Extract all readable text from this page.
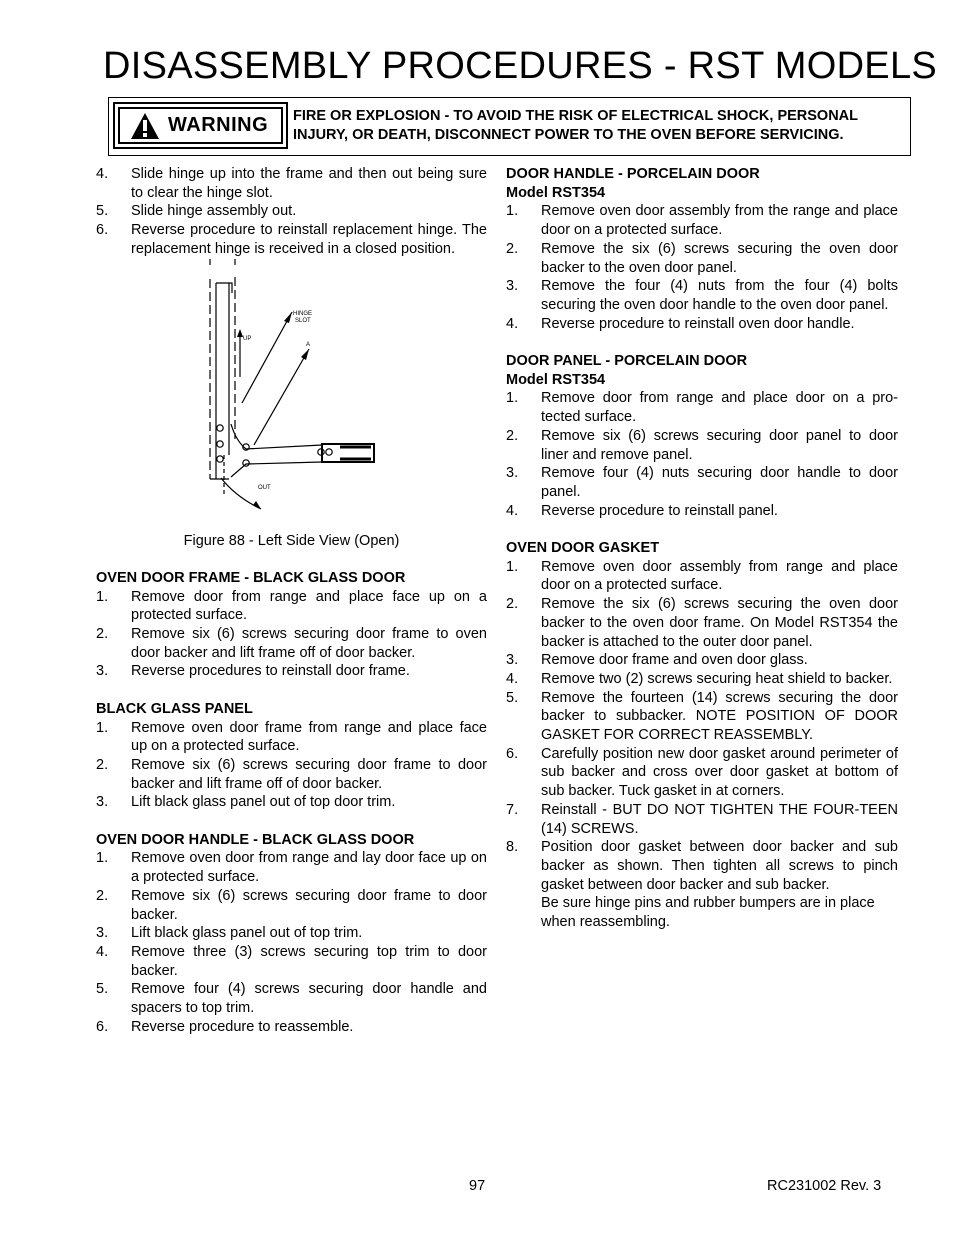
DISASSEMBLY PROCEDURES - RST MODELS
WARNING FIRE OR EXPLOSION - TO AVOID THE RISK OF ELECTRICAL SHOCK, PERSONAL INJURY, OR DEATH, DISCONNECT POWER TO THE OVEN BEFORE SERVICING.
4. Slide hinge up into the frame and then out being sure to clear the hinge slot.
5. Slide hinge assembly out.
6. Reverse procedure to reinstall replacement hinge. The replacement hinge is received in a closed position.
HINGE
SLOT
UP
A
OUT
Figure 88 - Left Side View (Open)
OVEN DOOR FRAME - BLACK GLASS DOOR
1. Remove door from range and place face up on a protected surface.
2. Remove six (6) screws securing door frame to oven door backer and lift frame off of door backer.
3. Reverse procedures to reinstall door frame.
BLACK GLASS PANEL
1. Remove oven door frame from range and place face up on a protected surface.
2. Remove six (6) screws securing door frame to door backer and lift frame off of door backer.
3. Lift black glass panel out of top door trim.
OVEN DOOR HANDLE - BLACK GLASS DOOR
1. Remove oven door from range and lay door face up on a protected surface.
2. Remove six (6) screws securing door frame to door backer.
3. Lift black glass panel out of top trim.
4. Remove three (3) screws securing top trim to door backer.
5. Remove four (4) screws securing door handle and spacers to top trim.
6. Reverse procedure to reassemble.
DOOR HANDLE - PORCELAIN DOOR
Model RST354
1. Remove oven door assembly from the range and place door on a protected surface.
2. Remove the six (6) screws securing the oven door backer to the oven door panel.
3. Remove the four (4) nuts from the four (4) bolts securing the oven door handle to the oven door panel.
4. Reverse procedure to reinstall oven door handle.
DOOR PANEL - PORCELAIN DOOR
Model RST354
1. Remove door from range and place door on a pro-tected surface.
2. Remove six (6) screws securing door panel to door liner and remove panel.
3. Remove four (4) nuts securing door handle to door panel.
4. Reverse procedure to reinstall panel.
OVEN DOOR GASKET
1. Remove oven door assembly from range and place door on a protected surface.
2. Remove the six (6) screws securing the oven door backer to the oven door frame. On Model RST354 the backer is attached to the outer door panel.
3. Remove door frame and oven door glass.
4. Remove two (2) screws securing heat shield to backer.
5. Remove the fourteen (14) screws securing the door backer to subbacker. NOTE POSITION OF DOOR GASKET FOR CORRECT REASSEMBLY.
6. Carefully position new door gasket around perimeter of sub backer and cross over door gasket at bottom of sub backer. Tuck gasket in at corners.
7. Reinstall - BUT DO NOT TIGHTEN THE FOUR-TEEN (14) SCREWS.
8. Position door gasket between door backer and sub backer as shown. Then tighten all screws to pinch gasket between door backer and sub backer.
Be sure hinge pins and rubber bumpers are in place when reassembling.
97	RC231002 Rev. 3
